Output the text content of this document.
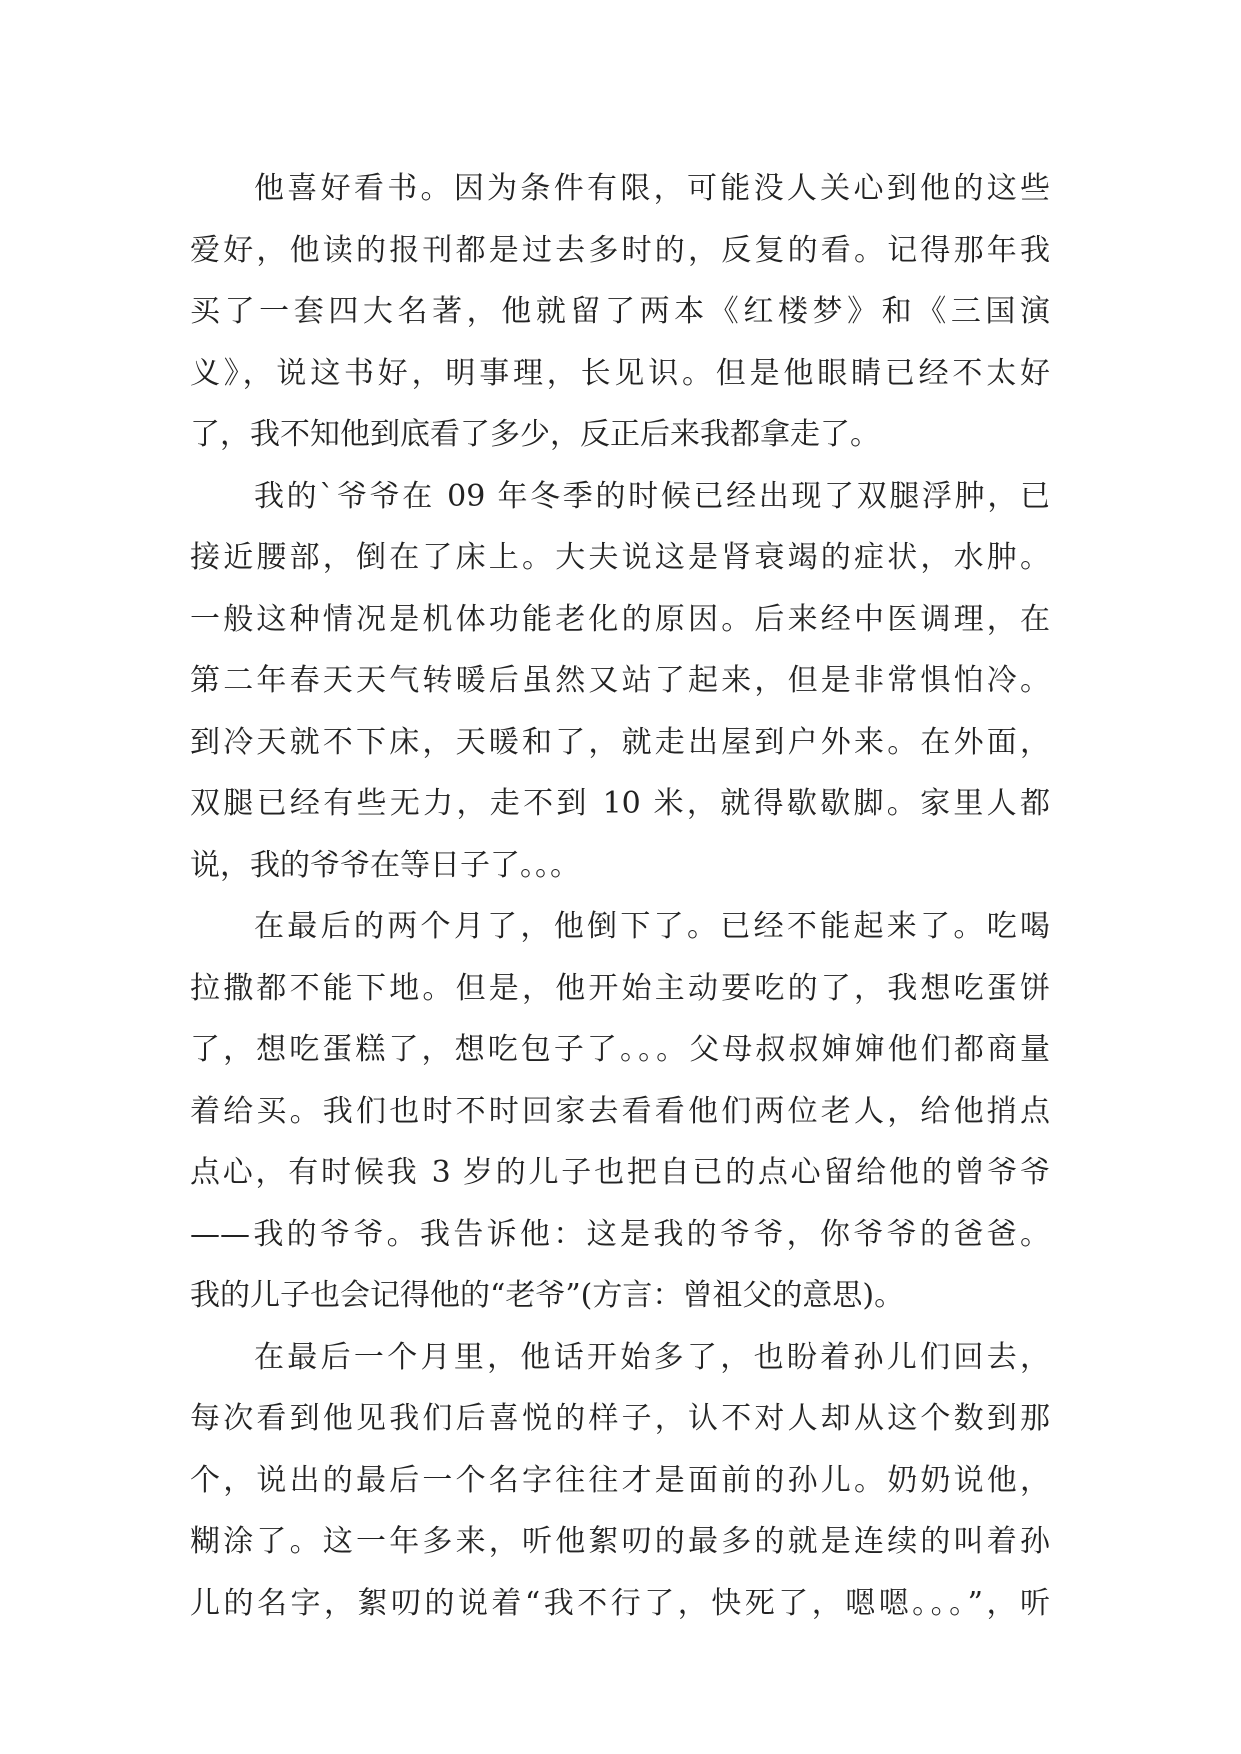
他喜好看书。因为条件有限，可能没人关心到他的这些
爱好，他读的报刊都是过去多时的，反复的看。记得那年我
买了一套四大名著，他就留了两本《红楼梦》和《三国演
义》，说这书好，明事理，长见识。但是他眼睛已经不太好
了，我不知他到底看了多少，反正后来我都拿走了。
我的`爷爷在 09 年冬季的时候已经出现了双腿浮肿，已
接近腰部，倒在了床上。大夫说这是肾衰竭的症状，水肿。
一般这种情况是机体功能老化的原因。后来经中医调理，在
第二年春天天气转暖后虽然又站了起来，但是非常惧怕冷。
到冷天就不下床，天暖和了，就走出屋到户外来。在外面，
双腿已经有些无力，走不到 10 米，就得歇歇脚。家里人都
说，我的爷爷在等日子了。。。
在最后的两个月了，他倒下了。已经不能起来了。吃喝
拉撒都不能下地。但是，他开始主动要吃的了，我想吃蛋饼
了，想吃蛋糕了，想吃包子了。。。父母叔叔婶婶他们都商量
着给买。我们也时不时回家去看看他们两位老人，给他捎点
点心，有时候我 3 岁的儿子也把自已的点心留给他的曾爷爷
——我的爷爷。我告诉他：这是我的爷爷，你爷爷的爸爸。
我的儿子也会记得他的“老爷”(方言：曾祖父的意思)。
在最后一个月里，他话开始多了，也盼着孙儿们回去，
每次看到他见我们后喜悦的样子，认不对人却从这个数到那
个，说出的最后一个名字往往才是面前的孙儿。奶奶说他，
糊涂了。这一年多来，听他絮叨的最多的就是连续的叫着孙
儿的名字，絮叨的说着“我不行了，快死了，嗯嗯。。。”，听
